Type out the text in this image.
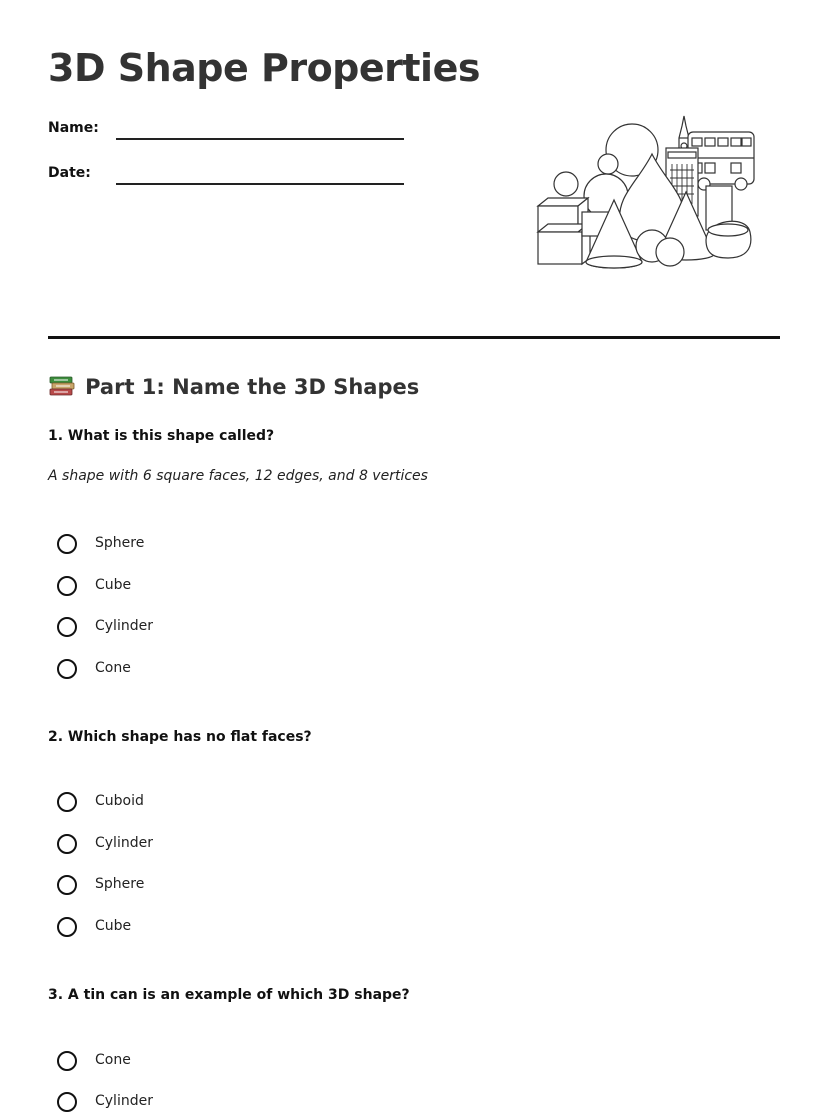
3D Shape Properties
Name:
Date:
Part 1: Name the 3D Shapes
1. What is this shape called?
A shape with 6 square faces, 12 edges, and 8 vertices
Sphere
Cube
Cylinder
Cone
2. Which shape has no flat faces?
Cuboid
Cylinder
Sphere
Cube
3. A tin can is an example of which 3D shape?
Cone
Cylinder
